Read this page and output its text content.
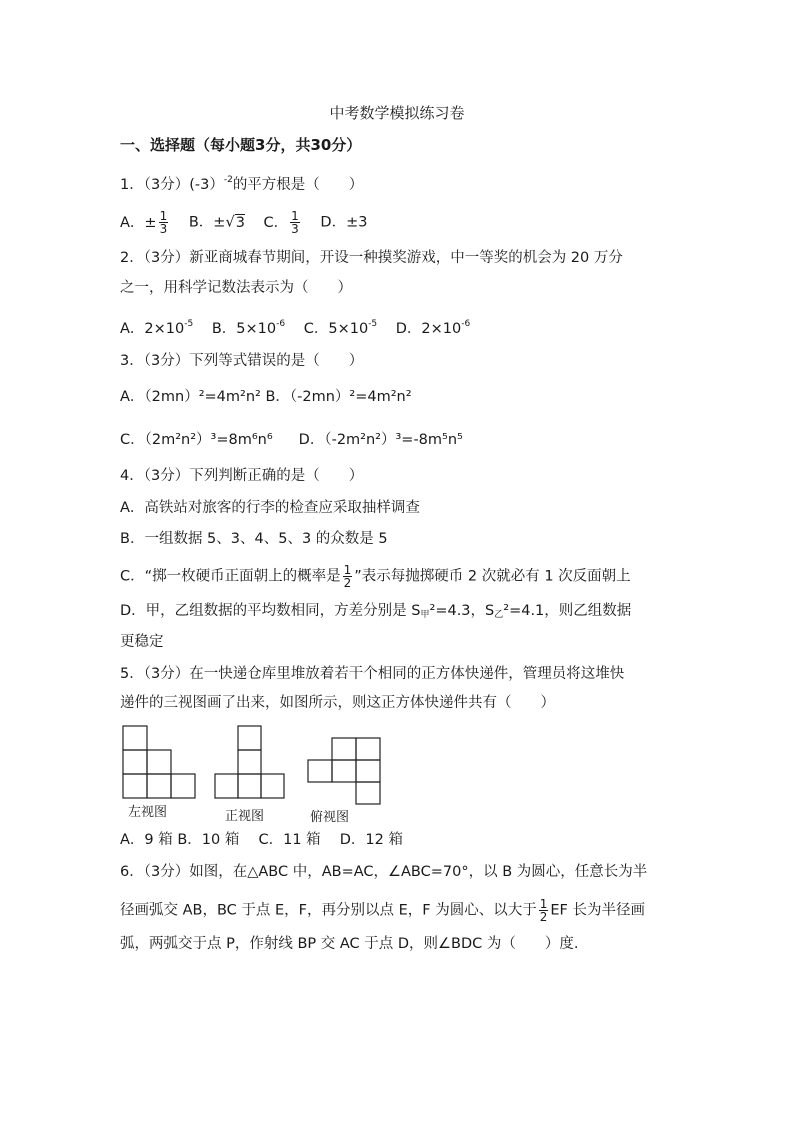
中考数学模拟练习卷
一、选择题（每小题3分，共30分）
1．（3分）(-3）$^{-2}$的平方根是（　　）
A．± $\frac{1}{3}$ B．±√3 C． $\frac{1}{3}$ D．±3
2．（3分）新亚商城春节期间，开设一种摸奖游戏，中一等奖的机会为 20 万分
之一，用科学记数法表示为（　　）
A．$2\times 10^{-5}$ B．$5\times 10^{-6}$ C．$5\times 10^{-5}$ D．$2\times 10^{-6}$
3．（3分）下列等式错误的是（　　）
A．（2mn）²=4m²n² B．（-2mn）²=4m²n²
C．（2m²n²）³=8m⁶n⁶ D．（-2m²n²）³=-8m⁵n⁵
4．（3分）下列判断正确的是（　　）
A．高铁站对旅客的行李的检查应采取抽样调查
B．一组数据 5、3、4、5、3 的众数是 5
C．“掷一枚硬币正面朝上的概率是 $\frac{1}{2}$ ”表示每抛掷硬币 2 次就必有 1 次反面朝上
D．甲，乙组数据的平均数相同，方差分别是 $S_甲^2=4.3$，$S_乙^2=4.1$，则乙组数据
更稳定
5．（3分）在一快递仓库里堆放着若干个相同的正方体快递件，管理员将这堆快
递件的三视图画了出来，如图所示，则这正方体快递件共有（　　）
左视图	正视图	俯视图
A．9 箱 B．10 箱　 C．11 箱　 D．12 箱
6．（3分）如图，在△ABC 中，AB=AC，∠ABC=70°，以 B 为圆心，任意长为半
径画弧交 AB，BC 于点 E，F，再分别以点 E，F 为圆心、以大于 $\frac{1}{2}$ EF 长为半径画
弧，两弧交于点 P，作射线 BP 交 AC 于点 D，则∠BDC 为（　　）度.
